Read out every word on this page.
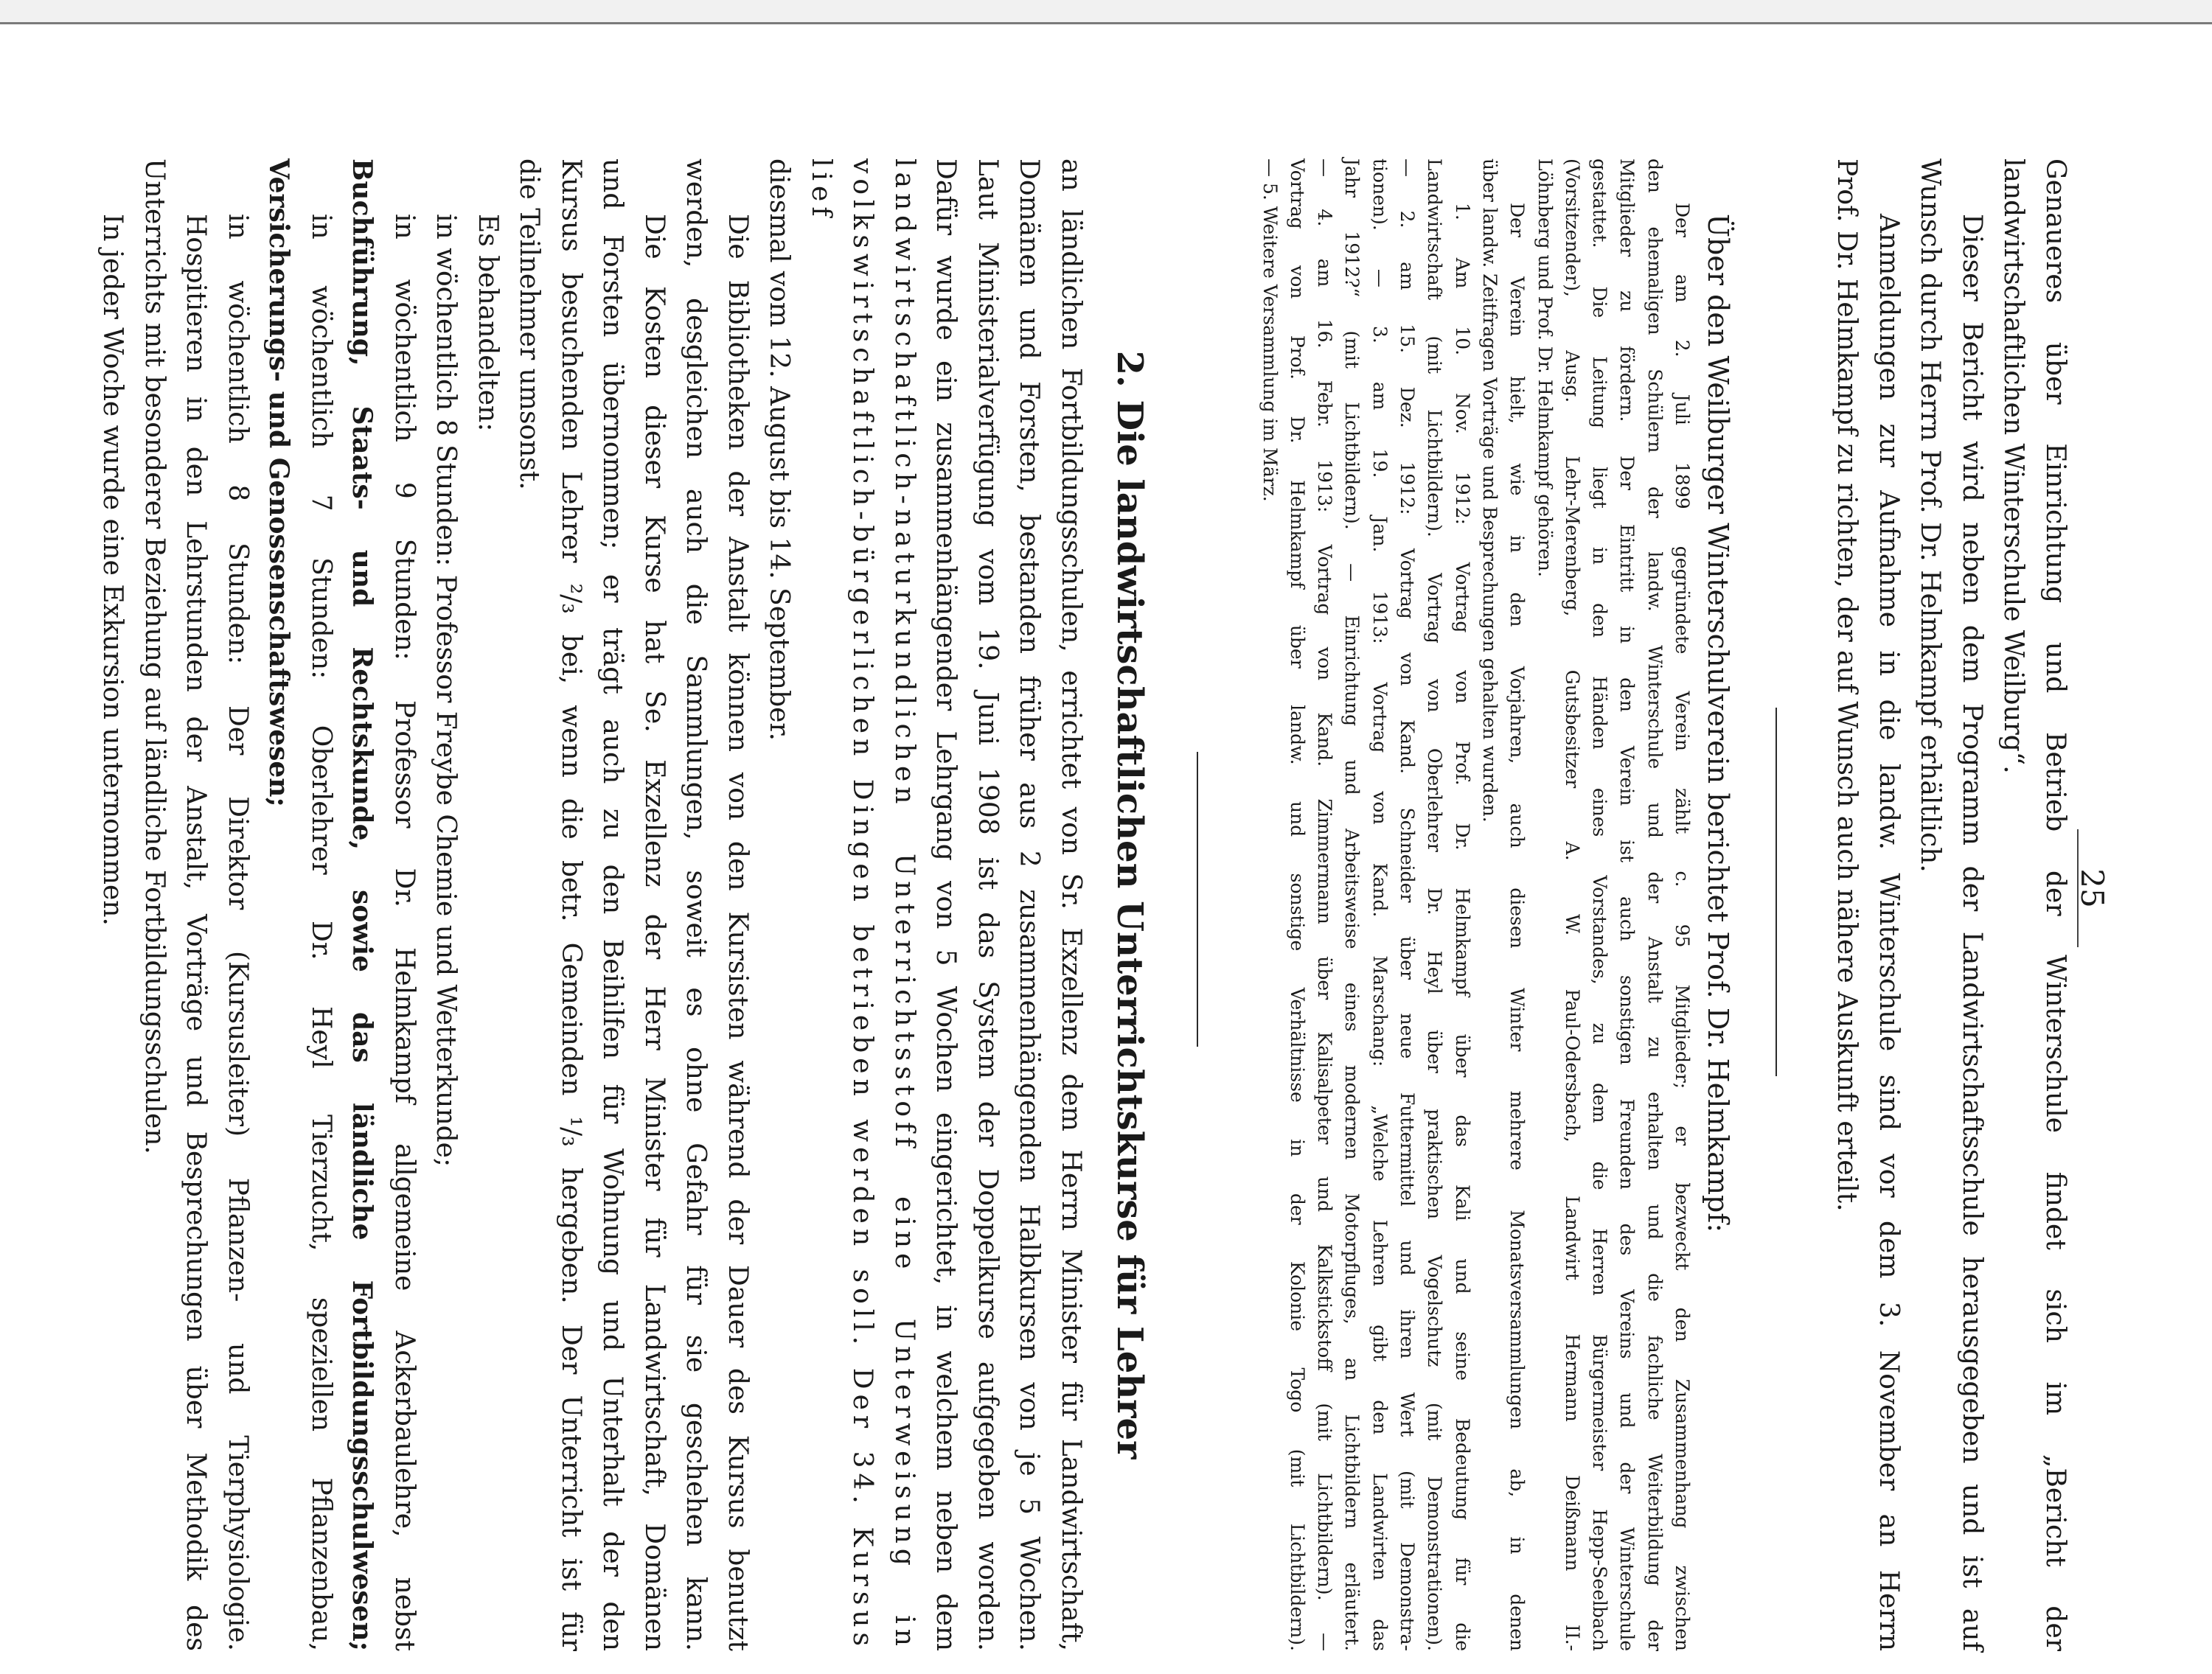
25
Genaueres über Einrichtung und Betrieb der Winterschule findet sich im „Bericht der
landwirtschaftlichen Winterschule Weilburg“.
Dieser Bericht wird neben dem Programm der Landwirtschaftsschule herausgegeben und ist auf
Wunsch durch Herrn Prof. Dr. Helmkampf erhältlich.
Anmeldungen zur Aufnahme in die landw. Winterschule sind vor dem 3. November an Herrn
Prof. Dr. Helmkampf zu richten, der auf Wunsch auch nähere Auskunft erteilt.
Über den Weilburger Winterschulverein berichtet Prof. Dr. Helmkampf:
Der am 2. Juli 1899 gegründete Verein zählt c. 95 Mitglieder; er bezweckt den Zusammenhang zwischen
den ehemaligen Schülern der landw. Winterschule und der Anstalt zu erhalten und die fachliche Weiterbildung der
Mitglieder zu fördern. Der Eintritt in den Verein ist auch sonstigen Freunden des Vereins und der Winterschule
gestattet. Die Leitung liegt in den Händen eines Vorstandes, zu dem die Herren Bürgermeister Hepp-Seelbach
(Vorsitzender), Ausg. Lehr-Merenberg, Gutsbesitzer A. W. Paul-Odersbach, Landwirt Hermann Deißmann II.-
Löhnberg und Prof. Dr. Helmkampf gehören.
Der Verein hielt, wie in den Vorjahren, auch diesen Winter mehrere Monatsversammlungen ab, in denen
über landw. Zeitfragen Vorträge und Besprechungen gehalten wurden.
1. Am 10. Nov. 1912: Vortrag von Prof. Dr. Helmkampf über das Kali und seine Bedeutung für die
Landwirtschaft (mit Lichtbildern). Vortrag von Oberlehrer Dr. Heyl über praktischen Vogelschutz (mit Demonstrationen).
— 2. am 15. Dez. 1912: Vortrag von Kand. Schneider über neue Futtermittel und ihren Wert (mit Demonstra-
tionen). — 3. am 19. Jan. 1913: Vortrag von Kand. Marschang: „Welche Lehren gibt den Landwirten das
Jahr 1912?“ (mit Lichtbildern). — Einrichtung und Arbeitsweise eines modernen Motorpfluges, an Lichtbildern erläutert.
— 4. am 16. Febr. 1913: Vortrag von Kand. Zimmermann über Kalisalpeter und Kalkstickstoff (mit Lichtbildern). —
Vortrag von Prof. Dr. Helmkampf über landw. und sonstige Verhältnisse in der Kolonie Togo (mit Lichtbildern).
— 5. Weitere Versammlung im März.
2. Die landwirtschaftlichen Unterrichtskurse für Lehrer
an ländlichen Fortbildungsschulen, errichtet von Sr. Exzellenz dem Herrn Minister für Landwirtschaft,
Domänen und Forsten, bestanden früher aus 2 zusammenhängenden Halbkursen von je 5 Wochen.
Laut Ministerialverfügung vom 19. Juni 1908 ist das System der Doppelkurse aufgegeben worden.
Dafür wurde ein zusammenhängender Lehrgang von 5 Wochen eingerichtet, in welchem neben dem
landwirtschaftlich-naturkundlichen Unterrichtsstoff eine Unterweisung in
volkswirtschaftlich-bürgerlichen Dingen betrieben werden soll. Der 34. Kursus lief
diesmal vom 12. August bis 14. September.
Die Bibliotheken der Anstalt können von den Kursisten während der Dauer des Kursus benutzt
werden, desgleichen auch die Sammlungen, soweit es ohne Gefahr für sie geschehen kann.
Die Kosten dieser Kurse hat Se. Exzellenz der Herr Minister für Landwirtschaft, Domänen
und Forsten übernommen; er trägt auch zu den Beihilfen für Wohnung und Unterhalt der den
Kursus besuchenden Lehrer ²/₃ bei, wenn die betr. Gemeinden ¹/₃ hergeben. Der Unterricht ist für
die Teilnehmer umsonst.
Es behandelten:
in wöchentlich 8 Stunden: Professor Freybe Chemie und Wetterkunde;
in wöchentlich 9 Stunden: Professor Dr. Helmkampf allgemeine Ackerbaulehre, nebst
Buchführung, Staats- und Rechtskunde, sowie das ländliche Fortbildungsschulwesen;
in wöchentlich 7 Stunden: Oberlehrer Dr. Heyl Tierzucht, speziellen Pflanzenbau,
Versicherungs- und Genossenschaftswesen;
in wöchentlich 8 Stunden: Der Direktor (Kursusleiter) Pflanzen- und Tierphysiologie.
Hospitieren in den Lehrstunden der Anstalt, Vorträge und Besprechungen über Methodik des
Unterrichts mit besonderer Beziehung auf ländliche Fortbildungsschulen.
In jeder Woche wurde eine Exkursion unternommen.
